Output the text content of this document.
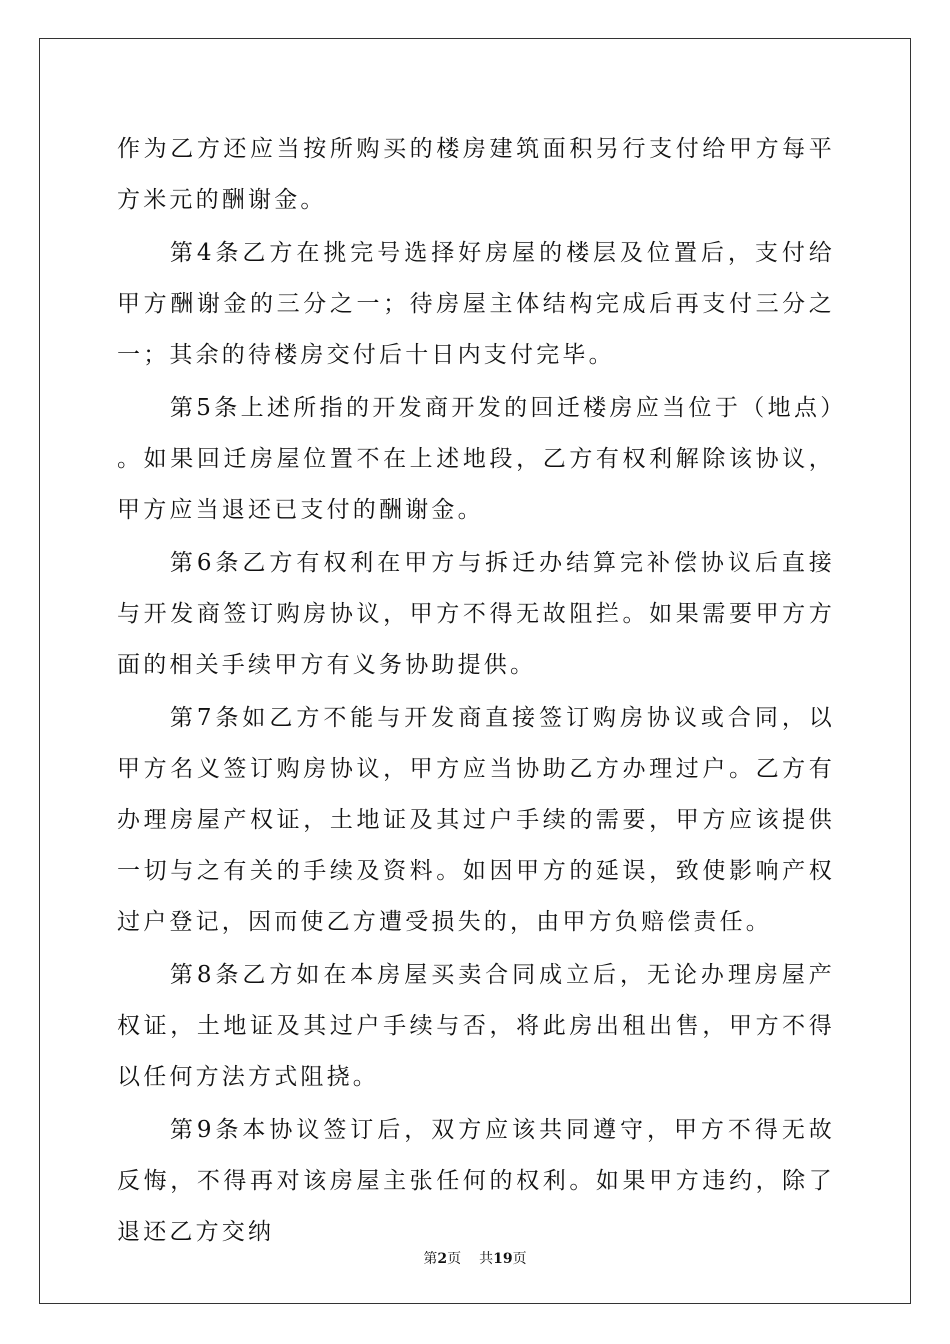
作为乙方还应当按所购买的楼房建筑面积另行支付给甲方每平方米元的酬谢金。

第4条乙方在挑完号选择好房屋的楼层及位置后，支付给甲方酬谢金的三分之一；待房屋主体结构完成后再支付三分之一；其余的待楼房交付后十日内支付完毕。

第5条上述所指的开发商开发的回迁楼房应当位于（地点）。如果回迁房屋位置不在上述地段，乙方有权利解除该协议，甲方应当退还已支付的酬谢金。

第6条乙方有权利在甲方与拆迁办结算完补偿协议后直接与开发商签订购房协议，甲方不得无故阻拦。如果需要甲方方面的相关手续甲方有义务协助提供。

第7条如乙方不能与开发商直接签订购房协议或合同，以甲方名义签订购房协议，甲方应当协助乙方办理过户。乙方有办理房屋产权证，土地证及其过户手续的需要，甲方应该提供一切与之有关的手续及资料。如因甲方的延误，致使影响产权过户登记，因而使乙方遭受损失的，由甲方负赔偿责任。

第8条乙方如在本房屋买卖合同成立后，无论办理房屋产权证，土地证及其过户手续与否，将此房出租出售，甲方不得以任何方法方式阻挠。

第9条本协议签订后，双方应该共同遵守，甲方不得无故反悔，不得再对该房屋主张任何的权利。如果甲方违约，除了退还乙方交纳

第2页 共19页
